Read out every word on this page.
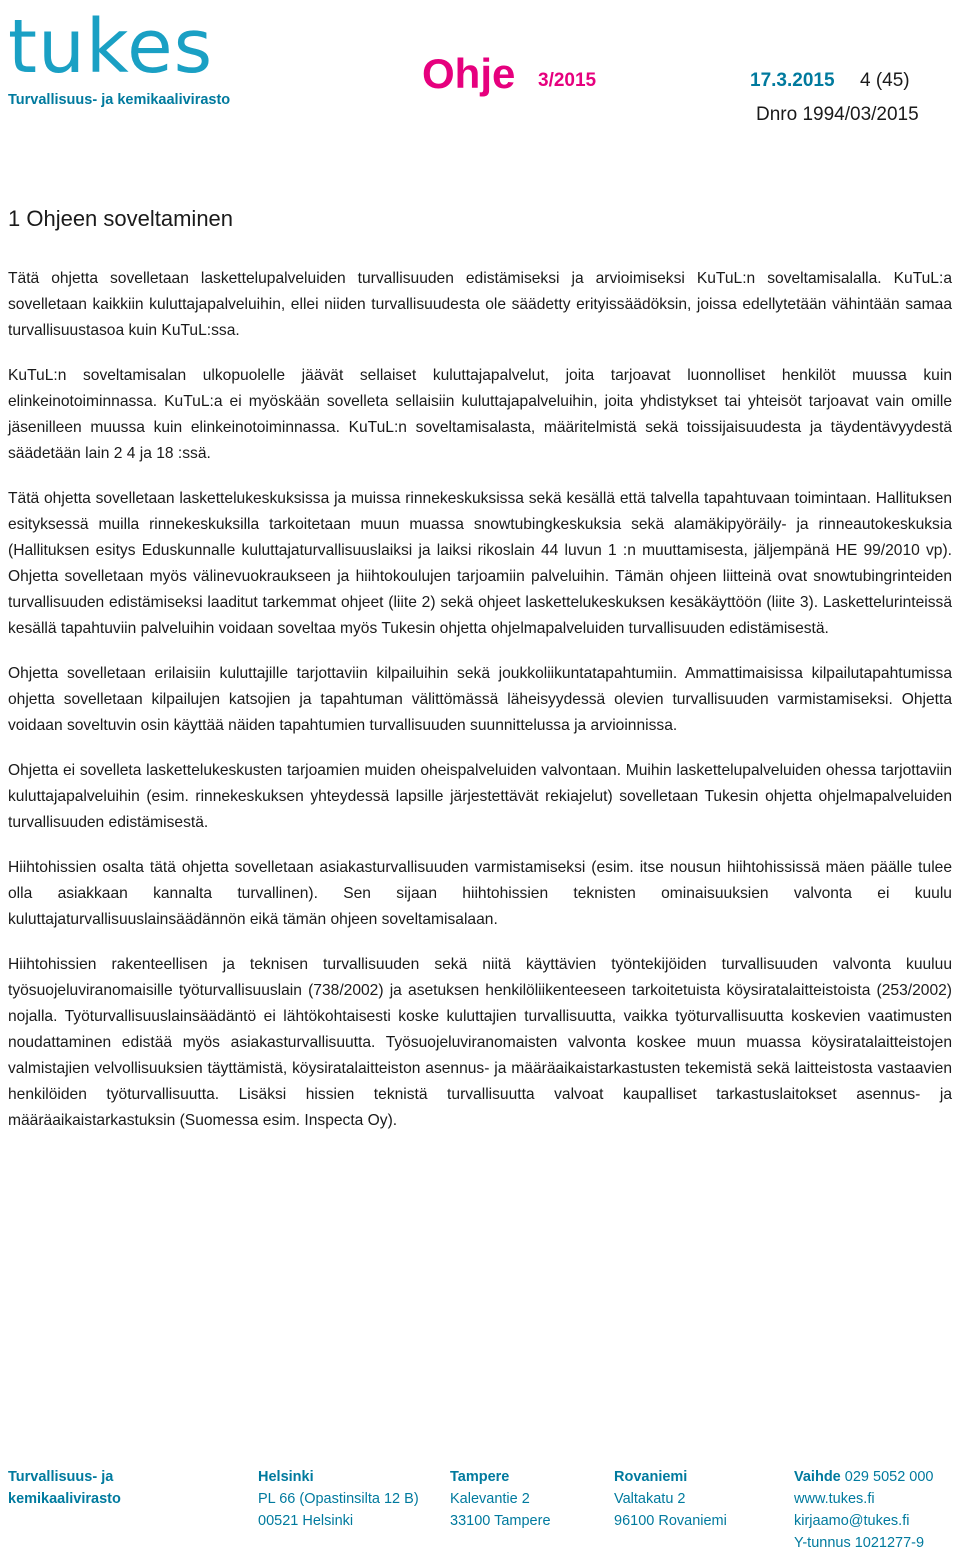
tukes
Turvallisuus- ja kemikaalivirasto
Ohje 3/2015	17.3.2015 4 (45)
Dnro 1994/03/2015
1 Ohjeen soveltaminen

Tätä ohjetta sovelletaan laskettelupalveluiden turvallisuuden edistämiseksi ja arvioimiseksi KuTuL:n soveltamisalalla. KuTuL:a sovelletaan kaikkiin kuluttajapalveluihin, ellei niiden turvallisuudesta ole säädetty erityissäädöksin, joissa edellytetään vähintään samaa turvallisuustasoa kuin KuTuL:ssa.

KuTuL:n soveltamisalan ulkopuolelle jäävät sellaiset kuluttajapalvelut, joita tarjoavat luonnolliset henkilöt muussa kuin elinkeinotoiminnassa. KuTuL:a ei myöskään sovelleta sellaisiin kuluttajapalveluihin, joita yhdistykset tai yhteisöt tarjoavat vain omille jäsenilleen muussa kuin elinkeinotoiminnassa. KuTuL:n soveltamisalasta, määritelmistä sekä toissijaisuudesta ja täydentävyydestä säädetään lain 2 4 ja 18 :ssä.

Tätä ohjetta sovelletaan laskettelukeskuksissa ja muissa rinnekeskuksissa sekä kesällä että talvella tapahtuvaan toimintaan. Hallituksen esityksessä muilla rinnekeskuksilla tarkoitetaan muun muassa snowtubingkeskuksia sekä alamäkipyöräily- ja rinneautokeskuksia (Hallituksen esitys Eduskunnalle kuluttajaturvallisuuslaiksi ja laiksi rikoslain 44 luvun 1 :n muuttamisesta, jäljempänä HE 99/2010 vp). Ohjetta sovelletaan myös välinevuokraukseen ja hiihtokoulujen tarjoamiin palveluihin. Tämän ohjeen liitteinä ovat snowtubingrinteiden turvallisuuden edistämiseksi laaditut tarkemmat ohjeet (liite 2) sekä ohjeet laskettelukeskuksen kesäkäyttöön (liite 3). Laskettelurinteissä kesällä tapahtuviin palveluihin voidaan soveltaa myös Tukesin ohjetta ohjelmapalveluiden turvallisuuden edistämisestä.

Ohjetta sovelletaan erilaisiin kuluttajille tarjottaviin kilpailuihin sekä joukkoliikuntatapahtumiin. Ammattimaisissa kilpailutapahtumissa ohjetta sovelletaan kilpailujen katsojien ja tapahtuman välittömässä läheisyydessä olevien turvallisuuden varmistamiseksi. Ohjetta voidaan soveltuvin osin käyttää näiden tapahtumien turvallisuuden suunnittelussa ja arvioinnissa.

Ohjetta ei sovelleta laskettelukeskusten tarjoamien muiden oheispalveluiden valvontaan. Muihin laskettelupalveluiden ohessa tarjottaviin kuluttajapalveluihin (esim. rinnekeskuksen yhteydessä lapsille järjestettävät rekiajelut) sovelletaan Tukesin ohjetta ohjelmapalveluiden turvallisuuden edistämisestä.

Hiihtohissien osalta tätä ohjetta sovelletaan asiakasturvallisuuden varmistamiseksi (esim. itse nousun hiihtohississä mäen päälle tulee olla asiakkaan kannalta turvallinen). Sen sijaan hiihtohissien teknisten ominaisuuksien valvonta ei kuulu kuluttajaturvallisuuslainsäädännön eikä tämän ohjeen soveltamisalaan.

Hiihtohissien rakenteellisen ja teknisen turvallisuuden sekä niitä käyttävien työntekijöiden turvallisuuden valvonta kuuluu työsuojeluviranomaisille työturvallisuuslain (738/2002) ja asetuksen henkilöliikenteeseen tarkoitetuista köysiratalaitteistoista (253/2002) nojalla. Työturvallisuuslainsäädäntö ei lähtökohtaisesti koske kuluttajien turvallisuutta, vaikka työturvallisuutta koskevien vaatimusten noudattaminen edistää myös asiakasturvallisuutta. Työsuojeluviranomaisten valvonta koskee muun muassa köysiratalaitteistojen valmistajien velvollisuuksien täyttämistä, köysiratalaitteiston asennus- ja määräaikaistarkastusten tekemistä sekä laitteistosta vastaavien henkilöiden työturvallisuutta. Lisäksi hissien teknistä turvallisuutta valvoat kaupalliset tarkastuslaitokset asennus- ja määräaikaistarkastuksin (Suomessa esim. Inspecta Oy).

Turvallisuus- ja
kemikaalivirasto
Helsinki
PL 66 (Opastinsilta 12 B)
00521 Helsinki
Tampere
Kalevantie 2
33100 Tampere
Rovaniemi
Valtakatu 2
96100 Rovaniemi
Vaihde 029 5052 000
www.tukes.fi
kirjaamo@tukes.fi
Y-tunnus 1021277-9
